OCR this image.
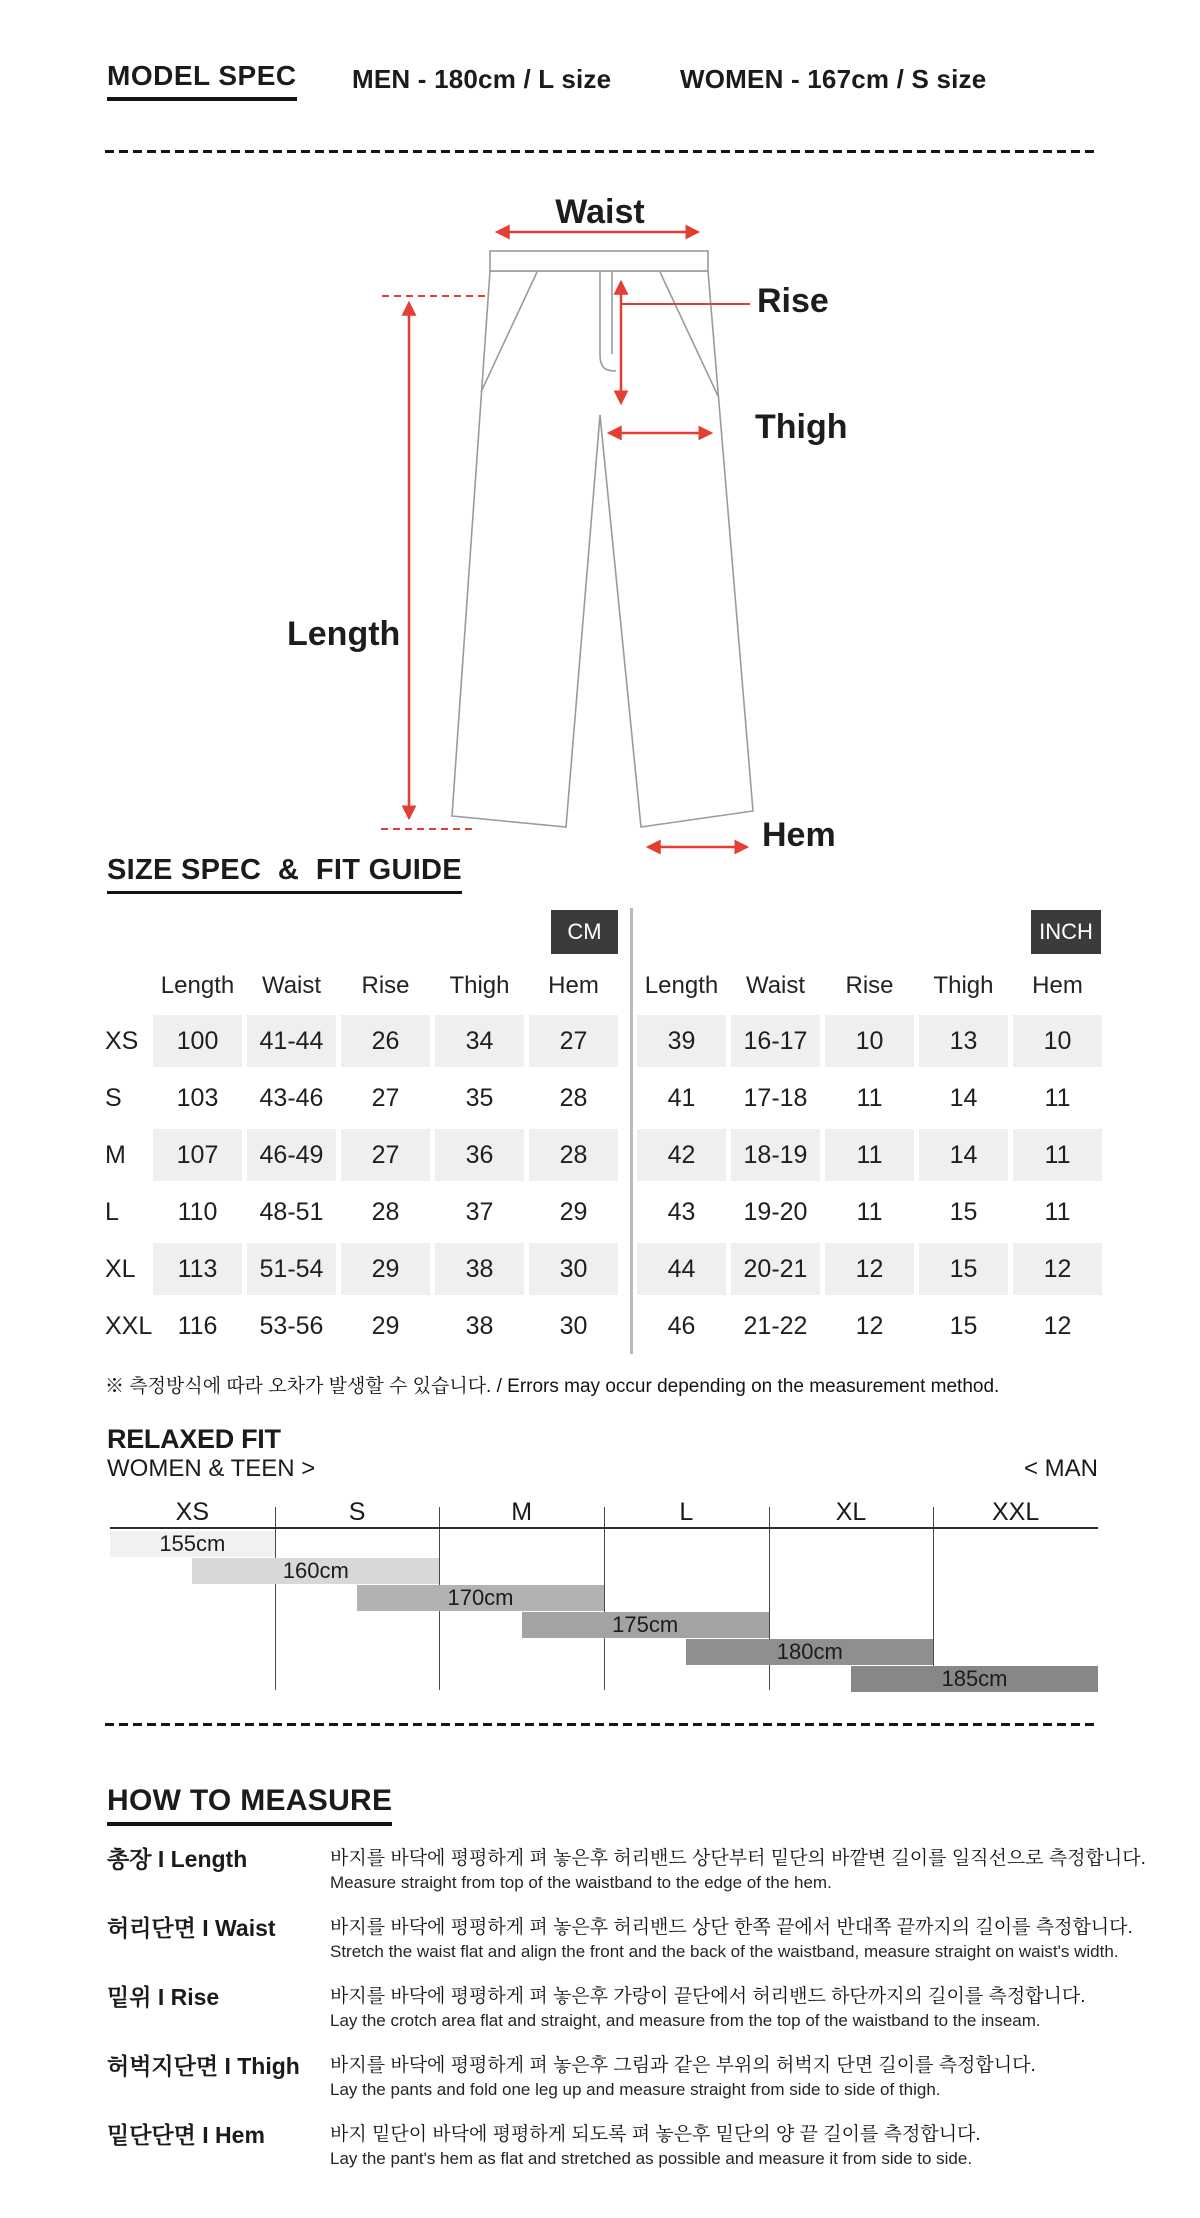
MODEL SPEC MEN - 180cm / L size	WOMEN - 167cm / S size
Waist
Rise
Thigh
Length
Hem
SIZE SPEC  &  FIT GUIDE
CM	INCH
Length	Waist	Rise	Thigh	Hem
XS	100	41-44	26	34	27
S	103	43-46	27	35	28
M	107	46-49	27	36	28
L	110	48-51	28	37	29
XL	113	51-54	29	38	30
XXL	116	53-56	29	38	30
Length	Waist	Rise	Thigh	Hem
39	16-17	10	13	10
41	17-18	11	14	11
42	18-19	11	14	11
43	19-20	11	15	11
44	20-21	12	15	12
46	21-22	12	15	12
※ 측정방식에 따라 오차가 발생할 수 있습니다. / Errors may occur depending on the measurement method.
RELAXED FIT
WOMEN & TEEN >	< MAN
XS	S	M	L	XL	XXL
155cm
160cm
170cm
175cm
180cm
185cm
HOW TO MEASURE
총장 I Length	바지를 바닥에 평평하게 펴 놓은후 허리밴드 상단부터 밑단의 바깥변 길이를 일직선으로 측정합니다.
Measure straight from top of the waistband to the edge of the hem.
허리단면 I Waist	바지를 바닥에 평평하게 펴 놓은후 허리밴드 상단 한쪽 끝에서 반대쪽 끝까지의 길이를 측정합니다.
Stretch the waist flat and align the front and the back of the waistband, measure straight on waist's width.
밑위 I Rise	바지를 바닥에 평평하게 펴 놓은후 가랑이 끝단에서 허리밴드 하단까지의 길이를 측정합니다.
Lay the crotch area flat and straight, and measure from the top of the waistband to the inseam.
허벅지단면 I Thigh 바지를 바닥에 평평하게 펴 놓은후 그림과 같은 부위의 허벅지 단면 길이를 측정합니다.
Lay the pants and fold one leg up and measure straight from side to side of thigh.
밑단단면 I Hem	바지 밑단이 바닥에 평평하게 되도록 펴 놓은후 밑단의 양 끝 길이를 측정합니다.
Lay the pant's hem as flat and stretched as possible and measure it from side to side.
